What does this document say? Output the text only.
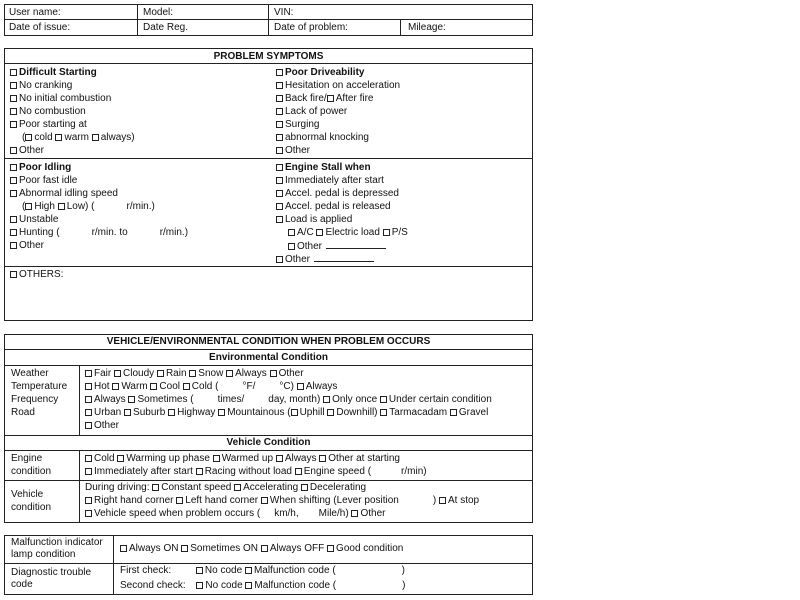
User name:	Model:	VIN:
Date of issue:	Date Reg.	Date of problem:	Mileage:
PROBLEM SYMPTOMS
Difficult Starting
No cranking
No initial combustion
No combustion
Poor starting at
( cold warm always)
Other
Poor Driveability
Hesitation on acceleration
Back fire/ After fire
Lack of power
Surging
abnormal knocking
Other
Poor Idling
Poor fast idle
Abnormal idling speed
( High Low) (	r/min.)
Unstable
Hunting (	r/min. to	r/min.)
Other
Engine Stall when
Immediately after start
Accel. pedal is depressed
Accel. pedal is released
Load is applied
A/C Electric load P/S
Other
Other
OTHERS:
VEHICLE/ENVIRONMENTAL CONDITION WHEN PROBLEM OCCURS
Environmental Condition
Vehicle Condition
Weather	Fair Cloudy Rain Snow Always Other
Temperature	Hot Warm Cool Cold ( °F/ °C) Always
Frequency	Always Sometimes ( times/ day, month) Only once Under certain condition
Road	Urban Suburb Highway Mountainous ( Uphill Downhill) Tarmacadam Gravel
Other
Engine
condition
Cold Warming up phase Warmed up Always Other at starting
Immediately after start Racing without load Engine speed (	r/min)
Vehicle
condition
During driving: Constant speed Accelerating Decelerating
Right hand corner Left hand corner When shifting (Lever position	) At stop
Vehicle speed when problem occurs ( km/h, Mile/h) Other
Malfunction indicator
lamp condition
Always ON Sometimes ON Always OFF Good condition
Diagnostic trouble
code
First check:	No code Malfunction code (	)
Second check: No code Malfunction code (	)
